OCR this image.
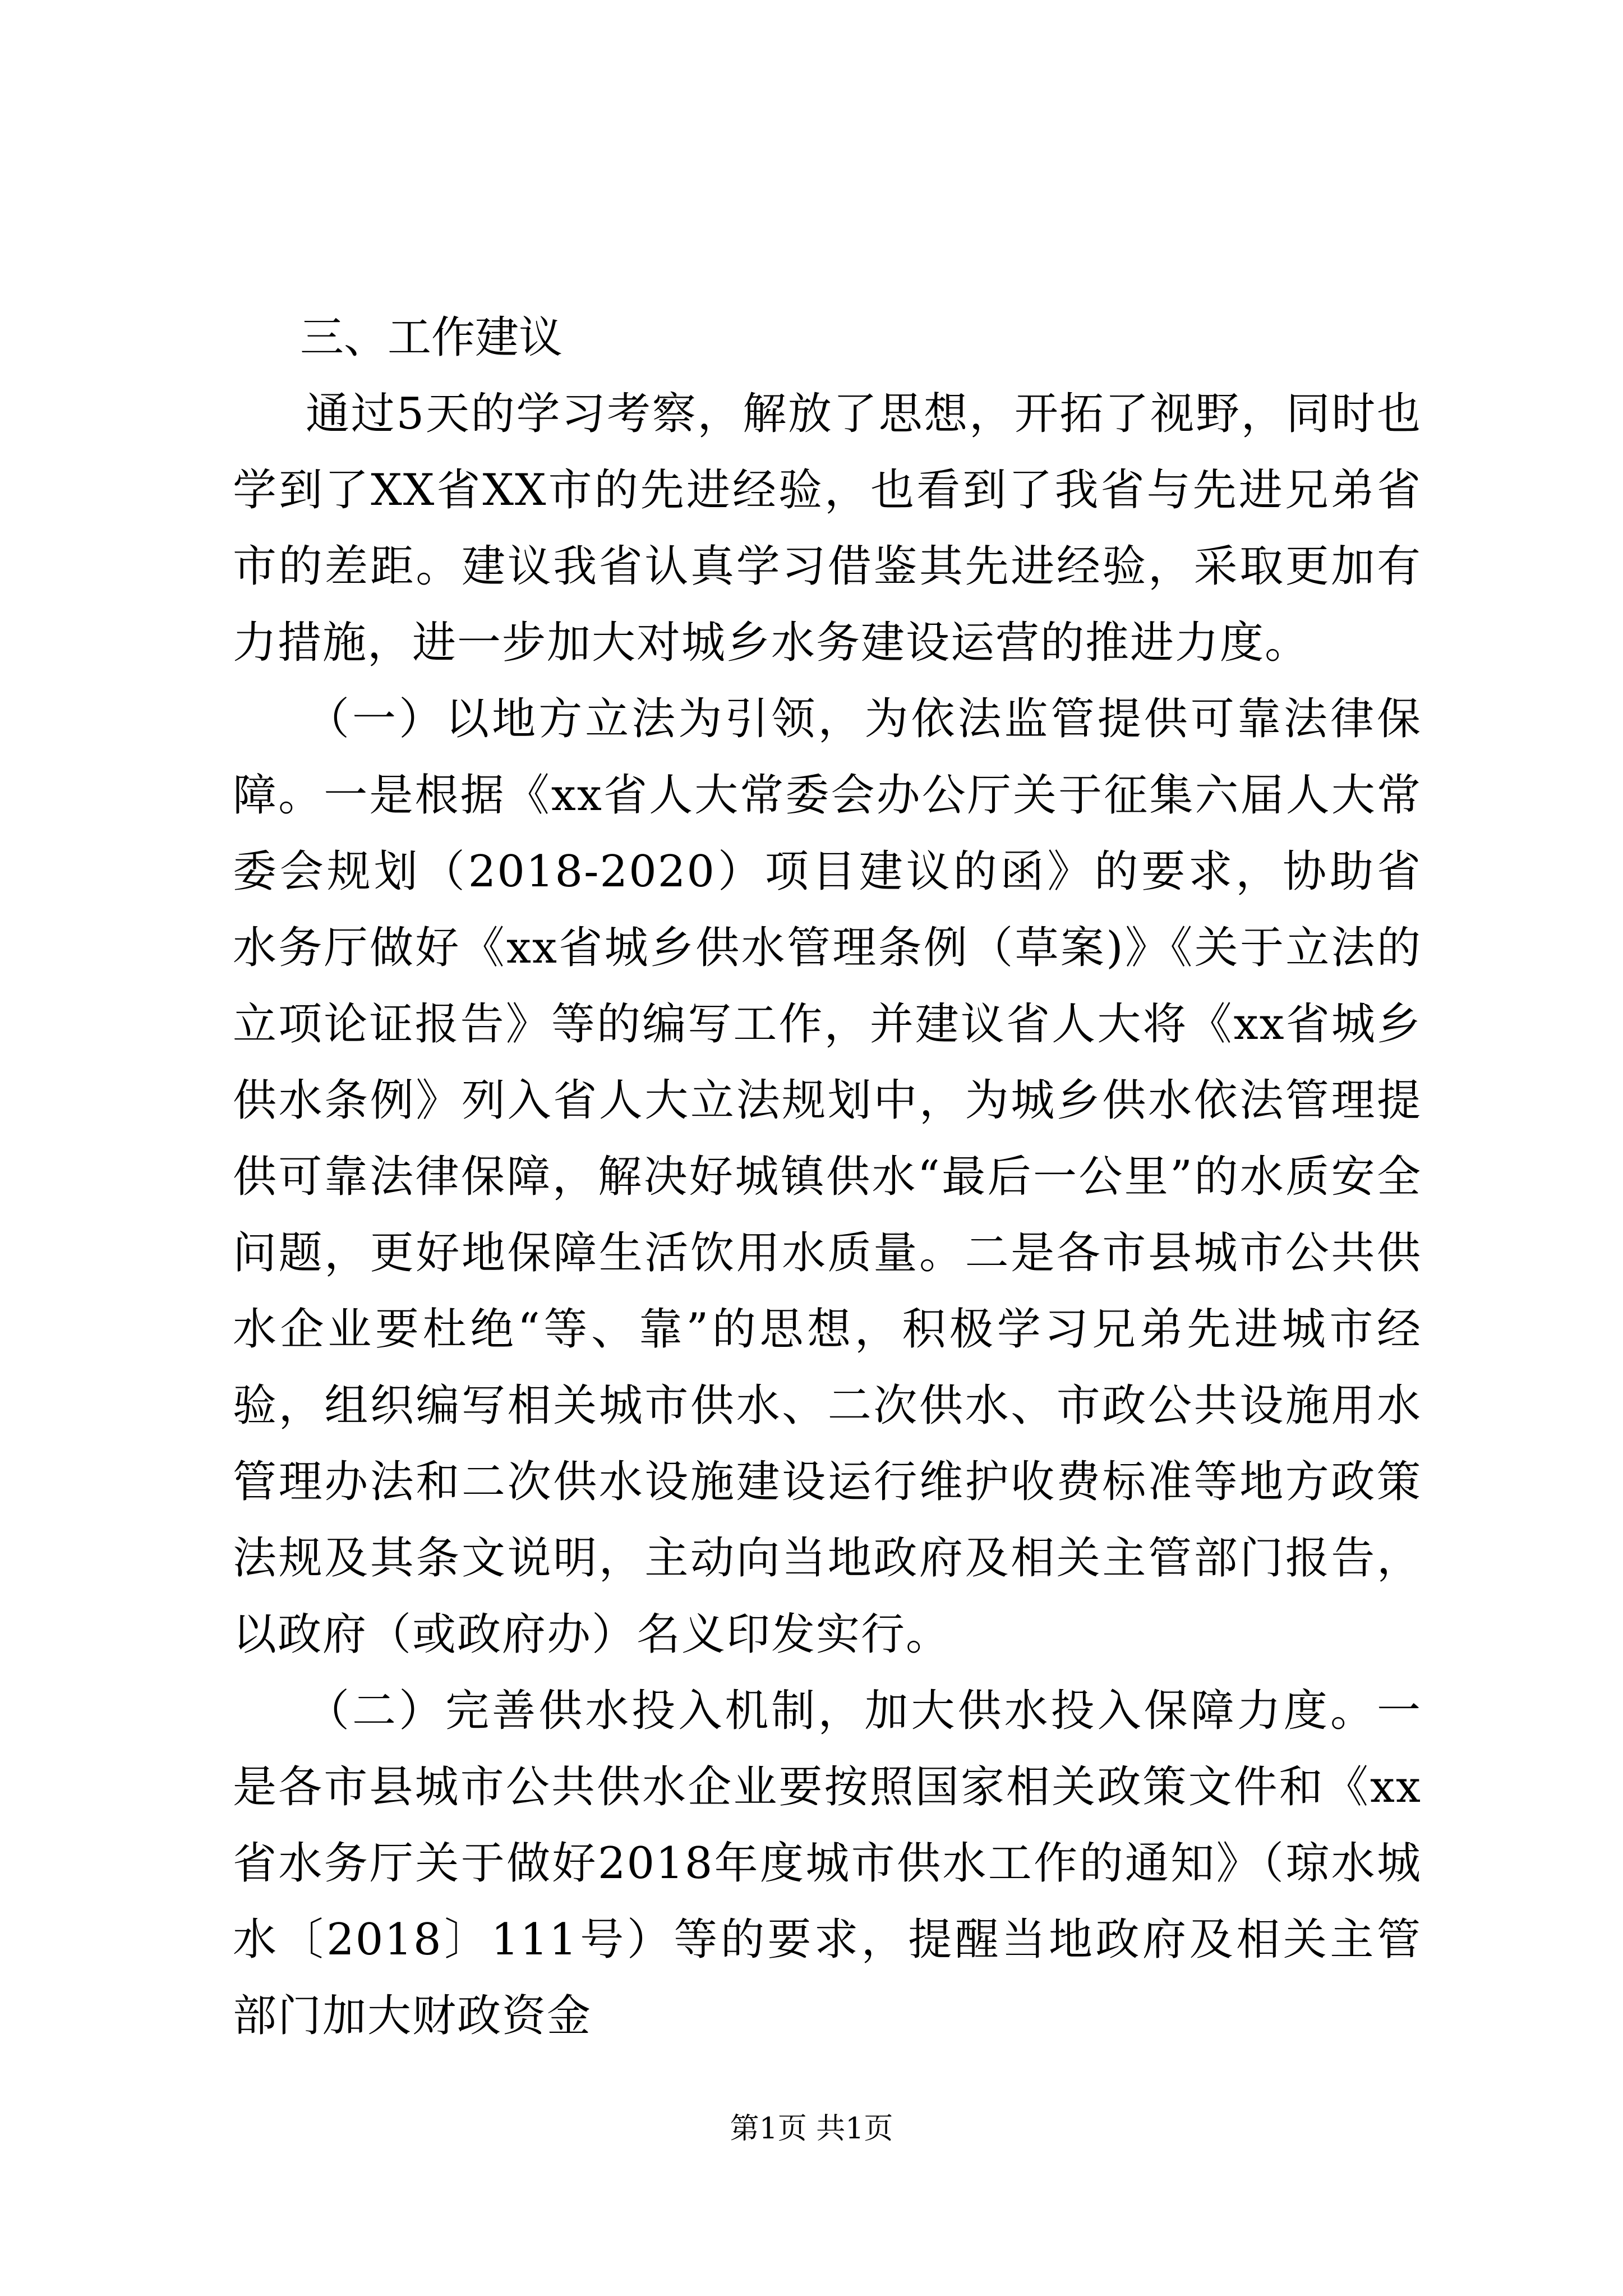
三、工作建议

通过5天的学习考察，解放了思想，开拓了视野，同时也学到了XX省XX市的先进经验，也看到了我省与先进兄弟省市的差距。建议我省认真学习借鉴其先进经验，采取更加有力措施，进一步加大对城乡水务建设运营的推进力度。

（一）以地方立法为引领，为依法监管提供可靠法律保障。一是根据《xx省人大常委会办公厅关于征集六届人大常委会规划（2018-2020）项目建议的函》的要求，协助省水务厅做好《xx省城乡供水管理条例（草案)》《关于立法的立项论证报告》等的编写工作，并建议省人大将《xx省城乡供水条例》列入省人大立法规划中，为城乡供水依法管理提供可靠法律保障，解决好城镇供水“最后一公里”的水质安全问题，更好地保障生活饮用水质量。二是各市县城市公共供水企业要杜绝“等、靠”的思想，积极学习兄弟先进城市经验，组织编写相关城市供水、二次供水、市政公共设施用水管理办法和二次供水设施建设运行维护收费标准等地方政策法规及其条文说明，主动向当地政府及相关主管部门报告，以政府（或政府办）名义印发实行。

（二）完善供水投入机制，加大供水投入保障力度。一是各市县城市公共供水企业要按照国家相关政策文件和《xx省水务厅关于做好2018年度城市供水工作的通知》（琼水城水〔2018〕111号）等的要求，提醒当地政府及相关主管部门加大财政资金

第1页 共1页
